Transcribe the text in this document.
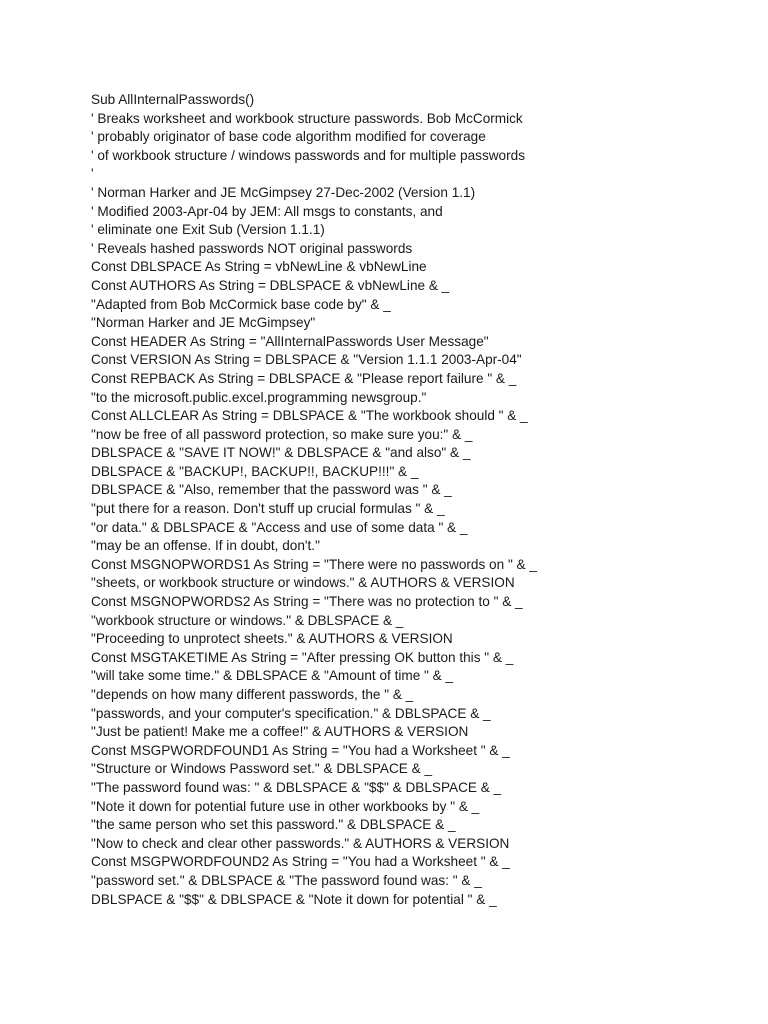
Sub AllInternalPasswords()
' Breaks worksheet and workbook structure passwords. Bob McCormick
' probably originator of base code algorithm modified for coverage
' of workbook structure / windows passwords and for multiple passwords
'
' Norman Harker and JE McGimpsey 27-Dec-2002 (Version 1.1)
' Modified 2003-Apr-04 by JEM: All msgs to constants, and
' eliminate one Exit Sub (Version 1.1.1)
' Reveals hashed passwords NOT original passwords
Const DBLSPACE As String = vbNewLine & vbNewLine
Const AUTHORS As String = DBLSPACE & vbNewLine & _
"Adapted from Bob McCormick base code by" & _
"Norman Harker and JE McGimpsey"
Const HEADER As String = "AllInternalPasswords User Message"
Const VERSION As String = DBLSPACE & "Version 1.1.1 2003-Apr-04"
Const REPBACK As String = DBLSPACE & "Please report failure " & _
"to the microsoft.public.excel.programming newsgroup."
Const ALLCLEAR As String = DBLSPACE & "The workbook should " & _
"now be free of all password protection, so make sure you:" & _
DBLSPACE & "SAVE IT NOW!" & DBLSPACE & "and also" & _
DBLSPACE & "BACKUP!, BACKUP!!, BACKUP!!!" & _
DBLSPACE & "Also, remember that the password was " & _
"put there for a reason. Don't stuff up crucial formulas " & _
"or data." & DBLSPACE & "Access and use of some data " & _
"may be an offense. If in doubt, don't."
Const MSGNOPWORDS1 As String = "There were no passwords on " & _
"sheets, or workbook structure or windows." & AUTHORS & VERSION
Const MSGNOPWORDS2 As String = "There was no protection to " & _
"workbook structure or windows." & DBLSPACE & _
"Proceeding to unprotect sheets." & AUTHORS & VERSION
Const MSGTAKETIME As String = "After pressing OK button this " & _
"will take some time." & DBLSPACE & "Amount of time " & _
"depends on how many different passwords, the " & _
"passwords, and your computer's specification." & DBLSPACE & _
"Just be patient! Make me a coffee!" & AUTHORS & VERSION
Const MSGPWORDFOUND1 As String = "You had a Worksheet " & _
"Structure or Windows Password set." & DBLSPACE & _
"The password found was: " & DBLSPACE & "$$" & DBLSPACE & _
"Note it down for potential future use in other workbooks by " & _
"the same person who set this password." & DBLSPACE & _
"Now to check and clear other passwords." & AUTHORS & VERSION
Const MSGPWORDFOUND2 As String = "You had a Worksheet " & _
"password set." & DBLSPACE & "The password found was: " & _
DBLSPACE & "$$" & DBLSPACE & "Note it down for potential " & _
